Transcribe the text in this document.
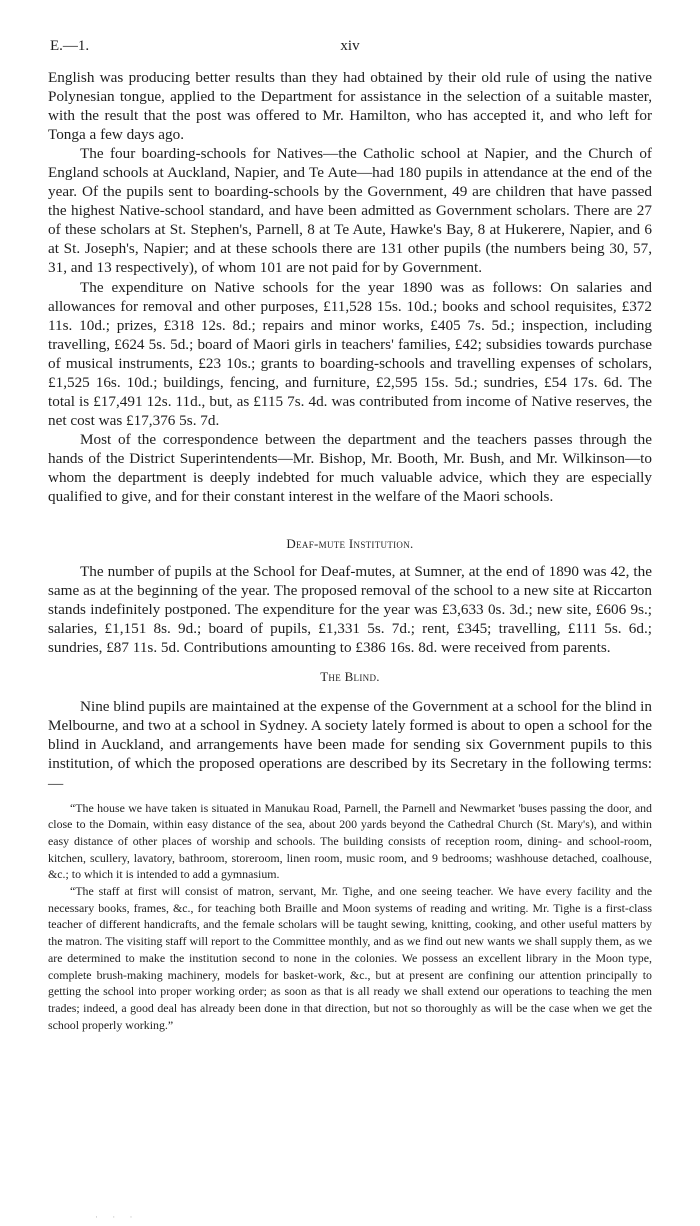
E.—1.	xiv

English was producing better results than they had obtained by their old rule of using the native Polynesian tongue, applied to the Department for assistance in the selection of a suitable master, with the result that the post was offered to Mr. Hamilton, who has accepted it, and who left for Tonga a few days ago.

The four boarding-schools for Natives—the Catholic school at Napier, and the Church of England schools at Auckland, Napier, and Te Aute—had 180 pupils in attendance at the end of the year. Of the pupils sent to boarding-schools by the Government, 49 are children that have passed the highest Native-school standard, and have been admitted as Government scholars. There are 27 of these scholars at St. Stephen's, Parnell, 8 at Te Aute, Hawke's Bay, 8 at Hukerere, Napier, and 6 at St. Joseph's, Napier; and at these schools there are 131 other pupils (the numbers being 30, 57, 31, and 13 respectively), of whom 101 are not paid for by Government.

The expenditure on Native schools for the year 1890 was as follows: On salaries and allowances for removal and other purposes, £11,528 15s. 10d.; books and school requisites, £372 11s. 10d.; prizes, £318 12s. 8d.; repairs and minor works, £405 7s. 5d.; inspection, including travelling, £624 5s. 5d.; board of Maori girls in teachers' families, £42; subsidies towards purchase of musical instruments, £23 10s.; grants to boarding-schools and travelling expenses of scholars, £1,525 16s. 10d.; buildings, fencing, and furniture, £2,595 15s. 5d.; sundries, £54 17s. 6d. The total is £17,491 12s. 11d., but, as £115 7s. 4d. was contributed from income of Native reserves, the net cost was £17,376 5s. 7d.

Most of the correspondence between the department and the teachers passes through the hands of the District Superintendents—Mr. Bishop, Mr. Booth, Mr. Bush, and Mr. Wilkinson—to whom the department is deeply indebted for much valuable advice, which they are especially qualified to give, and for their constant interest in the welfare of the Maori schools.

Deaf-mute Institution.

The number of pupils at the School for Deaf-mutes, at Sumner, at the end of 1890 was 42, the same as at the beginning of the year. The proposed removal of the school to a new site at Riccarton stands indefinitely postponed. The expenditure for the year was £3,633 0s. 3d.; new site, £606 9s.; salaries, £1,151 8s. 9d.; board of pupils, £1,331 5s. 7d.; rent, £345; travelling, £111 5s. 6d.; sundries, £87 11s. 5d. Contributions amounting to £386 16s. 8d. were received from parents.

The Blind.

Nine blind pupils are maintained at the expense of the Government at a school for the blind in Melbourne, and two at a school in Sydney. A society lately formed is about to open a school for the blind in Auckland, and arrangements have been made for sending six Government pupils to this institution, of which the proposed operations are described by its Secretary in the following terms:—

“The house we have taken is situated in Manukau Road, Parnell, the Parnell and Newmarket 'buses passing the door, and close to the Domain, within easy distance of the sea, about 200 yards beyond the Cathedral Church (St. Mary's), and within easy distance of other places of worship and schools. The building consists of reception room, dining- and school-room, kitchen, scullery, lavatory, bathroom, storeroom, linen room, music room, and 9 bedrooms; washhouse detached, coalhouse, &c.; to which it is intended to add a gymnasium.

“The staff at first will consist of matron, servant, Mr. Tighe, and one seeing teacher. We have every facility and the necessary books, frames, &c., for teaching both Braille and Moon systems of reading and writing. Mr. Tighe is a first-class teacher of different handicrafts, and the female scholars will be taught sewing, knitting, cooking, and other useful matters by the matron. The visiting staff will report to the Committee monthly, and as we find out new wants we shall supply them, as we are determined to make the institution second to none in the colonies. We possess an excellent library in the Moon type, complete brush-making machinery, models for basket-work, &c., but at present are confining our attention principally to getting the school into proper working order; as soon as that is all ready we shall extend our operations to teaching the men trades; indeed, a good deal has already been done in that direction, but not so thoroughly as will be the case when we get the school properly working.”

· · ·
